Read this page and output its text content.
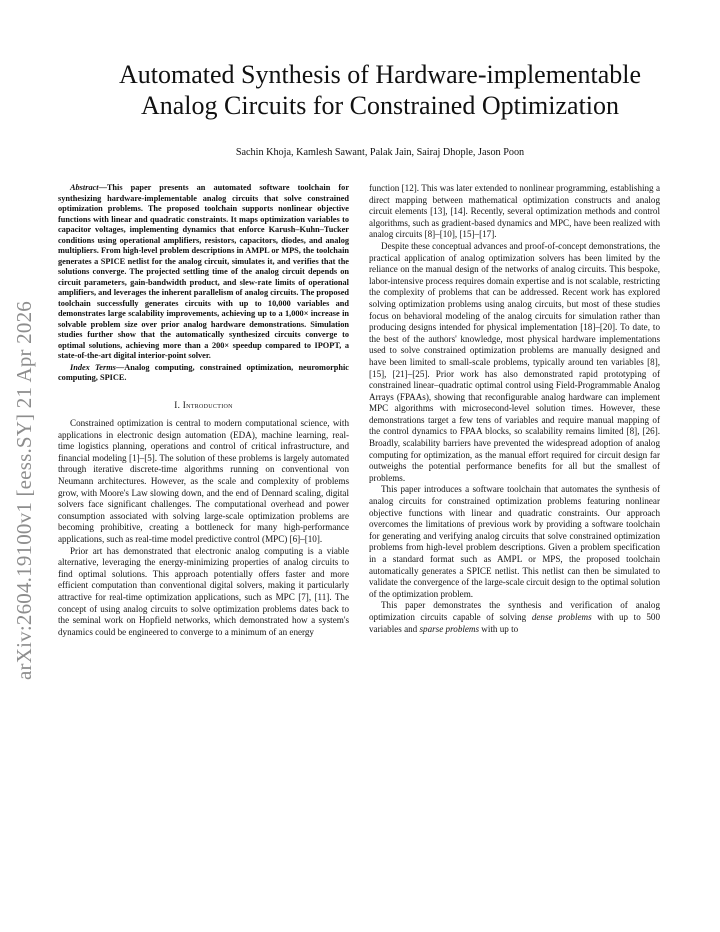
arXiv:2604.19100v1 [eess.SY] 21 Apr 2026
Automated Synthesis of Hardware-implementable
Analog Circuits for Constrained Optimization
Sachin Khoja, Kamlesh Sawant, Palak Jain, Sairaj Dhople, Jason Poon

Abstract—This paper presents an automated software toolchain for synthesizing hardware-implementable analog circuits that solve constrained optimization problems. The proposed toolchain supports nonlinear objective functions with linear and quadratic constraints. It maps optimization variables to capacitor voltages, implementing dynamics that enforce Karush–Kuhn–Tucker conditions using operational amplifiers, resistors, capacitors, diodes, and analog multipliers. From high-level problem descriptions in AMPL or MPS, the toolchain generates a SPICE netlist for the analog circuit, simulates it, and verifies that the solutions converge. The projected settling time of the analog circuit depends on circuit parameters, gain-bandwidth product, and slew-rate limits of operational amplifiers, and leverages the inherent parallelism of analog circuits. The proposed toolchain successfully generates circuits with up to 10,000 variables and demonstrates large scalability improvements, achieving up to a 1,000× increase in solvable problem size over prior analog hardware demonstrations. Simulation studies further show that the automatically synthesized circuits converge to optimal solutions, achieving more than a 200× speedup compared to IPOPT, a state-of-the-art digital interior-point solver.

Index Terms—Analog computing, constrained optimization, neuromorphic computing, SPICE.

I. Introduction

Constrained optimization is central to modern computational science, with applications in electronic design automation (EDA), machine learning, real-time logistics planning, operations and control of critical infrastructure, and financial modeling [1]–[5]. The solution of these problems is largely automated through iterative discrete-time algorithms running on conventional von Neumann architectures. However, as the scale and complexity of problems grow, with Moore's Law slowing down, and the end of Dennard scaling, digital solvers face significant challenges. The computational overhead and power consumption associated with solving large-scale optimization problems are becoming prohibitive, creating a bottleneck for many high-performance applications, such as real-time model predictive control (MPC) [6]–[10].

Prior art has demonstrated that electronic analog computing is a viable alternative, leveraging the energy-minimizing properties of analog circuits to find optimal solutions. This approach potentially offers faster and more efficient computation than conventional digital solvers, making it particularly attractive for real-time optimization applications, such as MPC [7], [11]. The concept of using analog circuits to solve optimization problems dates back to the seminal work on Hopfield networks, which demonstrated how a system's dynamics could be engineered to converge to a minimum of an energy

function [12]. This was later extended to nonlinear programming, establishing a direct mapping between mathematical optimization constructs and analog circuit elements [13], [14]. Recently, several optimization methods and control algorithms, such as gradient-based dynamics and MPC, have been realized with analog circuits [8]–[10], [15]–[17].

Despite these conceptual advances and proof-of-concept demonstrations, the practical application of analog optimization solvers has been limited by the reliance on the manual design of the networks of analog circuits. This bespoke, labor-intensive process requires domain expertise and is not scalable, restricting the complexity of problems that can be addressed. Recent work has explored solving optimization problems using analog circuits, but most of these studies focus on behavioral modeling of the analog circuits for simulation rather than producing designs intended for physical implementation [18]–[20]. To date, to the best of the authors' knowledge, most physical hardware implementations used to solve constrained optimization problems are manually designed and have been limited to small-scale problems, typically around ten variables [8], [15], [21]–[25]. Prior work has also demonstrated rapid prototyping of constrained linear–quadratic optimal control using Field-Programmable Analog Arrays (FPAAs), showing that reconfigurable analog hardware can implement MPC algorithms with microsecond-level solution times. However, these demonstrations target a few tens of variables and require manual mapping of the control dynamics to FPAA blocks, so scalability remains limited [8], [26]. Broadly, scalability barriers have prevented the widespread adoption of analog computing for optimization, as the manual effort required for circuit design far outweighs the potential performance benefits for all but the smallest of problems.

This paper introduces a software toolchain that automates the synthesis of analog circuits for constrained optimization problems featuring nonlinear objective functions with linear and quadratic constraints. Our approach overcomes the limitations of previous work by providing a software toolchain for generating and verifying analog circuits that solve constrained optimization problems from high-level problem descriptions. Given a problem specification in a standard format such as AMPL or MPS, the proposed toolchain automatically generates a SPICE netlist. This netlist can then be simulated to validate the convergence of the large-scale circuit design to the optimal solution of the optimization problem.

This paper demonstrates the synthesis and verification of analog optimization circuits capable of solving dense problems with up to 500 variables and sparse problems with up to
